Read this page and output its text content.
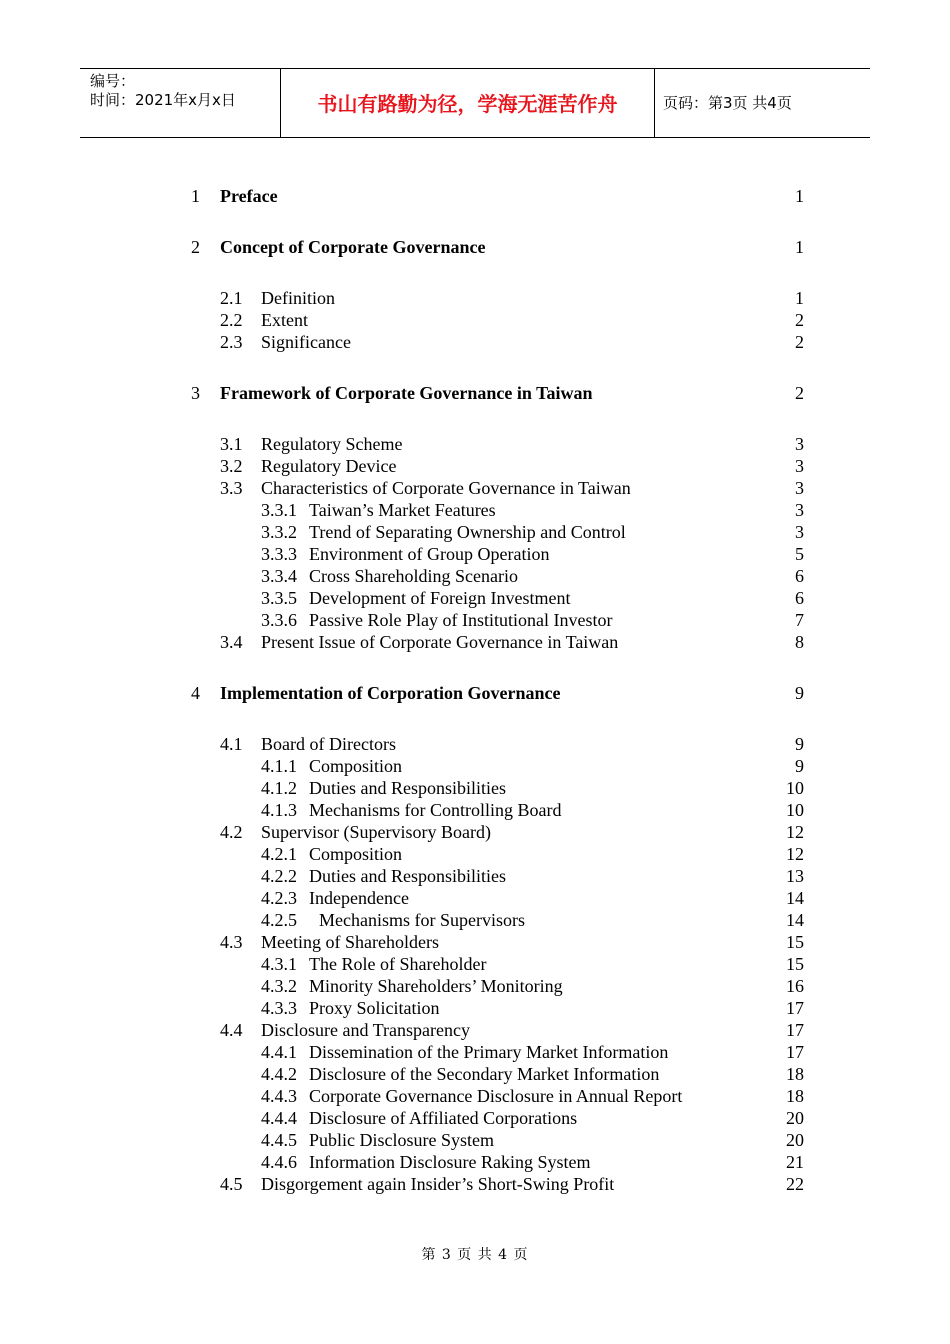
编号：
时间：2021年x月x日	书山有路勤为径，学海无涯苦作舟	页码：第3页 共4页
1 Preface	1
2 Concept of Corporate Governance	1
2.1 Definition	1
2.2 Extent	2
2.3 Significance	2
3 Framework of Corporate Governance in Taiwan	2
3.1 Regulatory Scheme	3
3.2 Regulatory Device	3
3.3 Characteristics of Corporate Governance in Taiwan	3
3.3.1 Taiwan’s Market Features	3
3.3.2 Trend of Separating Ownership and Control	3
3.3.3 Environment of Group Operation	5
3.3.4 Cross Shareholding Scenario	6
3.3.5 Development of Foreign Investment	6
3.3.6 Passive Role Play of Institutional Investor	7
3.4 Present Issue of Corporate Governance in Taiwan	8
4 Implementation of Corporation Governance	9
4.1 Board of Directors	9
4.1.1 Composition	9
4.1.2 Duties and Responsibilities	10
4.1.3 Mechanisms for Controlling Board	10
4.2 Supervisor (Supervisory Board)	12
4.2.1 Composition	12
4.2.2 Duties and Responsibilities	13
4.2.3 Independence	14
4.2.5 Mechanisms for Supervisors	14
4.3 Meeting of Shareholders	15
4.3.1 The Role of Shareholder	15
4.3.2 Minority Shareholders’ Monitoring	16
4.3.3 Proxy Solicitation	17
4.4 Disclosure and Transparency	17
4.4.1 Dissemination of the Primary Market Information	17
4.4.2 Disclosure of the Secondary Market Information	18
4.4.3 Corporate Governance Disclosure in Annual Report	18
4.4.4 Disclosure of Affiliated Corporations	20
4.4.5 Public Disclosure System	20
4.4.6 Information Disclosure Raking System	21
4.5 Disgorgement again Insider’s Short-Swing Profit	22
第 3 页 共 4 页
